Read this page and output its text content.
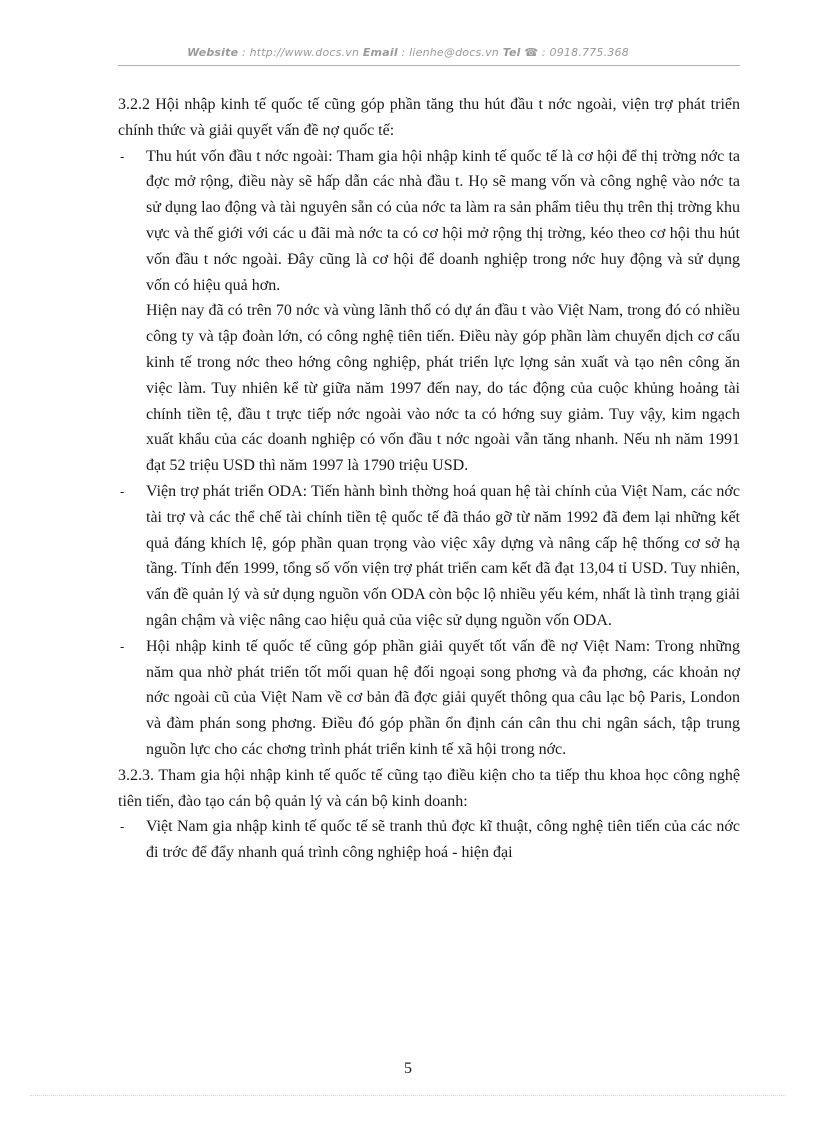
Website : http://www.docs.vn Email : lienhe@docs.vn Tel ☎ : 0918.775.368

3.2.2 Hội nhập kinh tế quốc tế cũng góp phần tăng thu hút đầu t nớc ngoài, viện trợ phát triển chính thức và giải quyết vấn đề nợ quốc tế:

- Thu hút vốn đầu t nớc ngoài: Tham gia hội nhập kinh tế quốc tế là cơ hội để thị trờng nớc ta đợc mở rộng, điều này sẽ hấp dẫn các nhà đầu t. Họ sẽ mang vốn và công nghệ vào nớc ta sử dụng lao động và tài nguyên sẵn có của nớc ta làm ra sản phẩm tiêu thụ trên thị trờng khu vực và thế giới với các u đãi mà nớc ta có cơ hội mở rộng thị trờng, kéo theo cơ hội thu hút vốn đầu t nớc ngoài. Đây cũng là cơ hội để doanh nghiệp trong nớc huy động và sử dụng vốn có hiệu quả hơn.

Hiện nay đã có trên 70 nớc và vùng lãnh thổ có dự án đầu t vào Việt Nam, trong đó có nhiều công ty và tập đoàn lớn, có công nghệ tiên tiến. Điều này góp phần làm chuyển dịch cơ cấu kinh tế trong nớc theo hớng công nghiệp, phát triển lực lợng sản xuất và tạo nên công ăn việc làm. Tuy nhiên kể từ giữa năm 1997 đến nay, do tác động của cuộc khủng hoảng tài chính tiền tệ, đầu t trực tiếp nớc ngoài vào nớc ta có hớng suy giảm. Tuy vậy, kim ngạch xuất khẩu của các doanh nghiệp có vốn đầu t nớc ngoài vẫn tăng nhanh. Nếu nh năm 1991 đạt 52 triệu USD thì năm 1997 là 1790 triệu USD.

- Viện trợ phát triển ODA: Tiến hành bình thờng hoá quan hệ tài chính của Việt Nam, các nớc tài trợ và các thể chế tài chính tiền tệ quốc tế đã tháo gỡ từ năm 1992 đã đem lại những kết quả đáng khích lệ, góp phần quan trọng vào việc xây dựng và nâng cấp hệ thống cơ sở hạ tầng. Tính đến 1999, tổng số vốn viện trợ phát triển cam kết đã đạt 13,04 tỉ USD. Tuy nhiên, vấn đề quản lý và sử dụng nguồn vốn ODA còn bộc lộ nhiều yếu kém, nhất là tình trạng giải ngân chậm và việc nâng cao hiệu quả của việc sử dụng nguồn vốn ODA.

- Hội nhập kinh tế quốc tế cũng góp phần giải quyết tốt vấn đề nợ Việt Nam: Trong những năm qua nhờ phát triển tốt mối quan hệ đối ngoại song phơng và đa phơng, các khoản nợ nớc ngoài cũ của Việt Nam về cơ bản đã đợc giải quyết thông qua câu lạc bộ Paris, London và đàm phán song phơng. Điều đó góp phần ổn định cán cân thu chi ngân sách, tập trung nguồn lực cho các chơng trình phát triển kinh tế xã hội trong nớc.

3.2.3. Tham gia hội nhập kinh tế quốc tế cũng tạo điều kiện cho ta tiếp thu khoa học công nghệ tiên tiến, đào tạo cán bộ quản lý và cán bộ kinh doanh:

- Việt Nam gia nhập kinh tế quốc tế sẽ tranh thủ đợc kĩ thuật, công nghệ tiên tiến của các nớc đi trớc để đẩy nhanh quá trình công nghiệp hoá - hiện đại

5
